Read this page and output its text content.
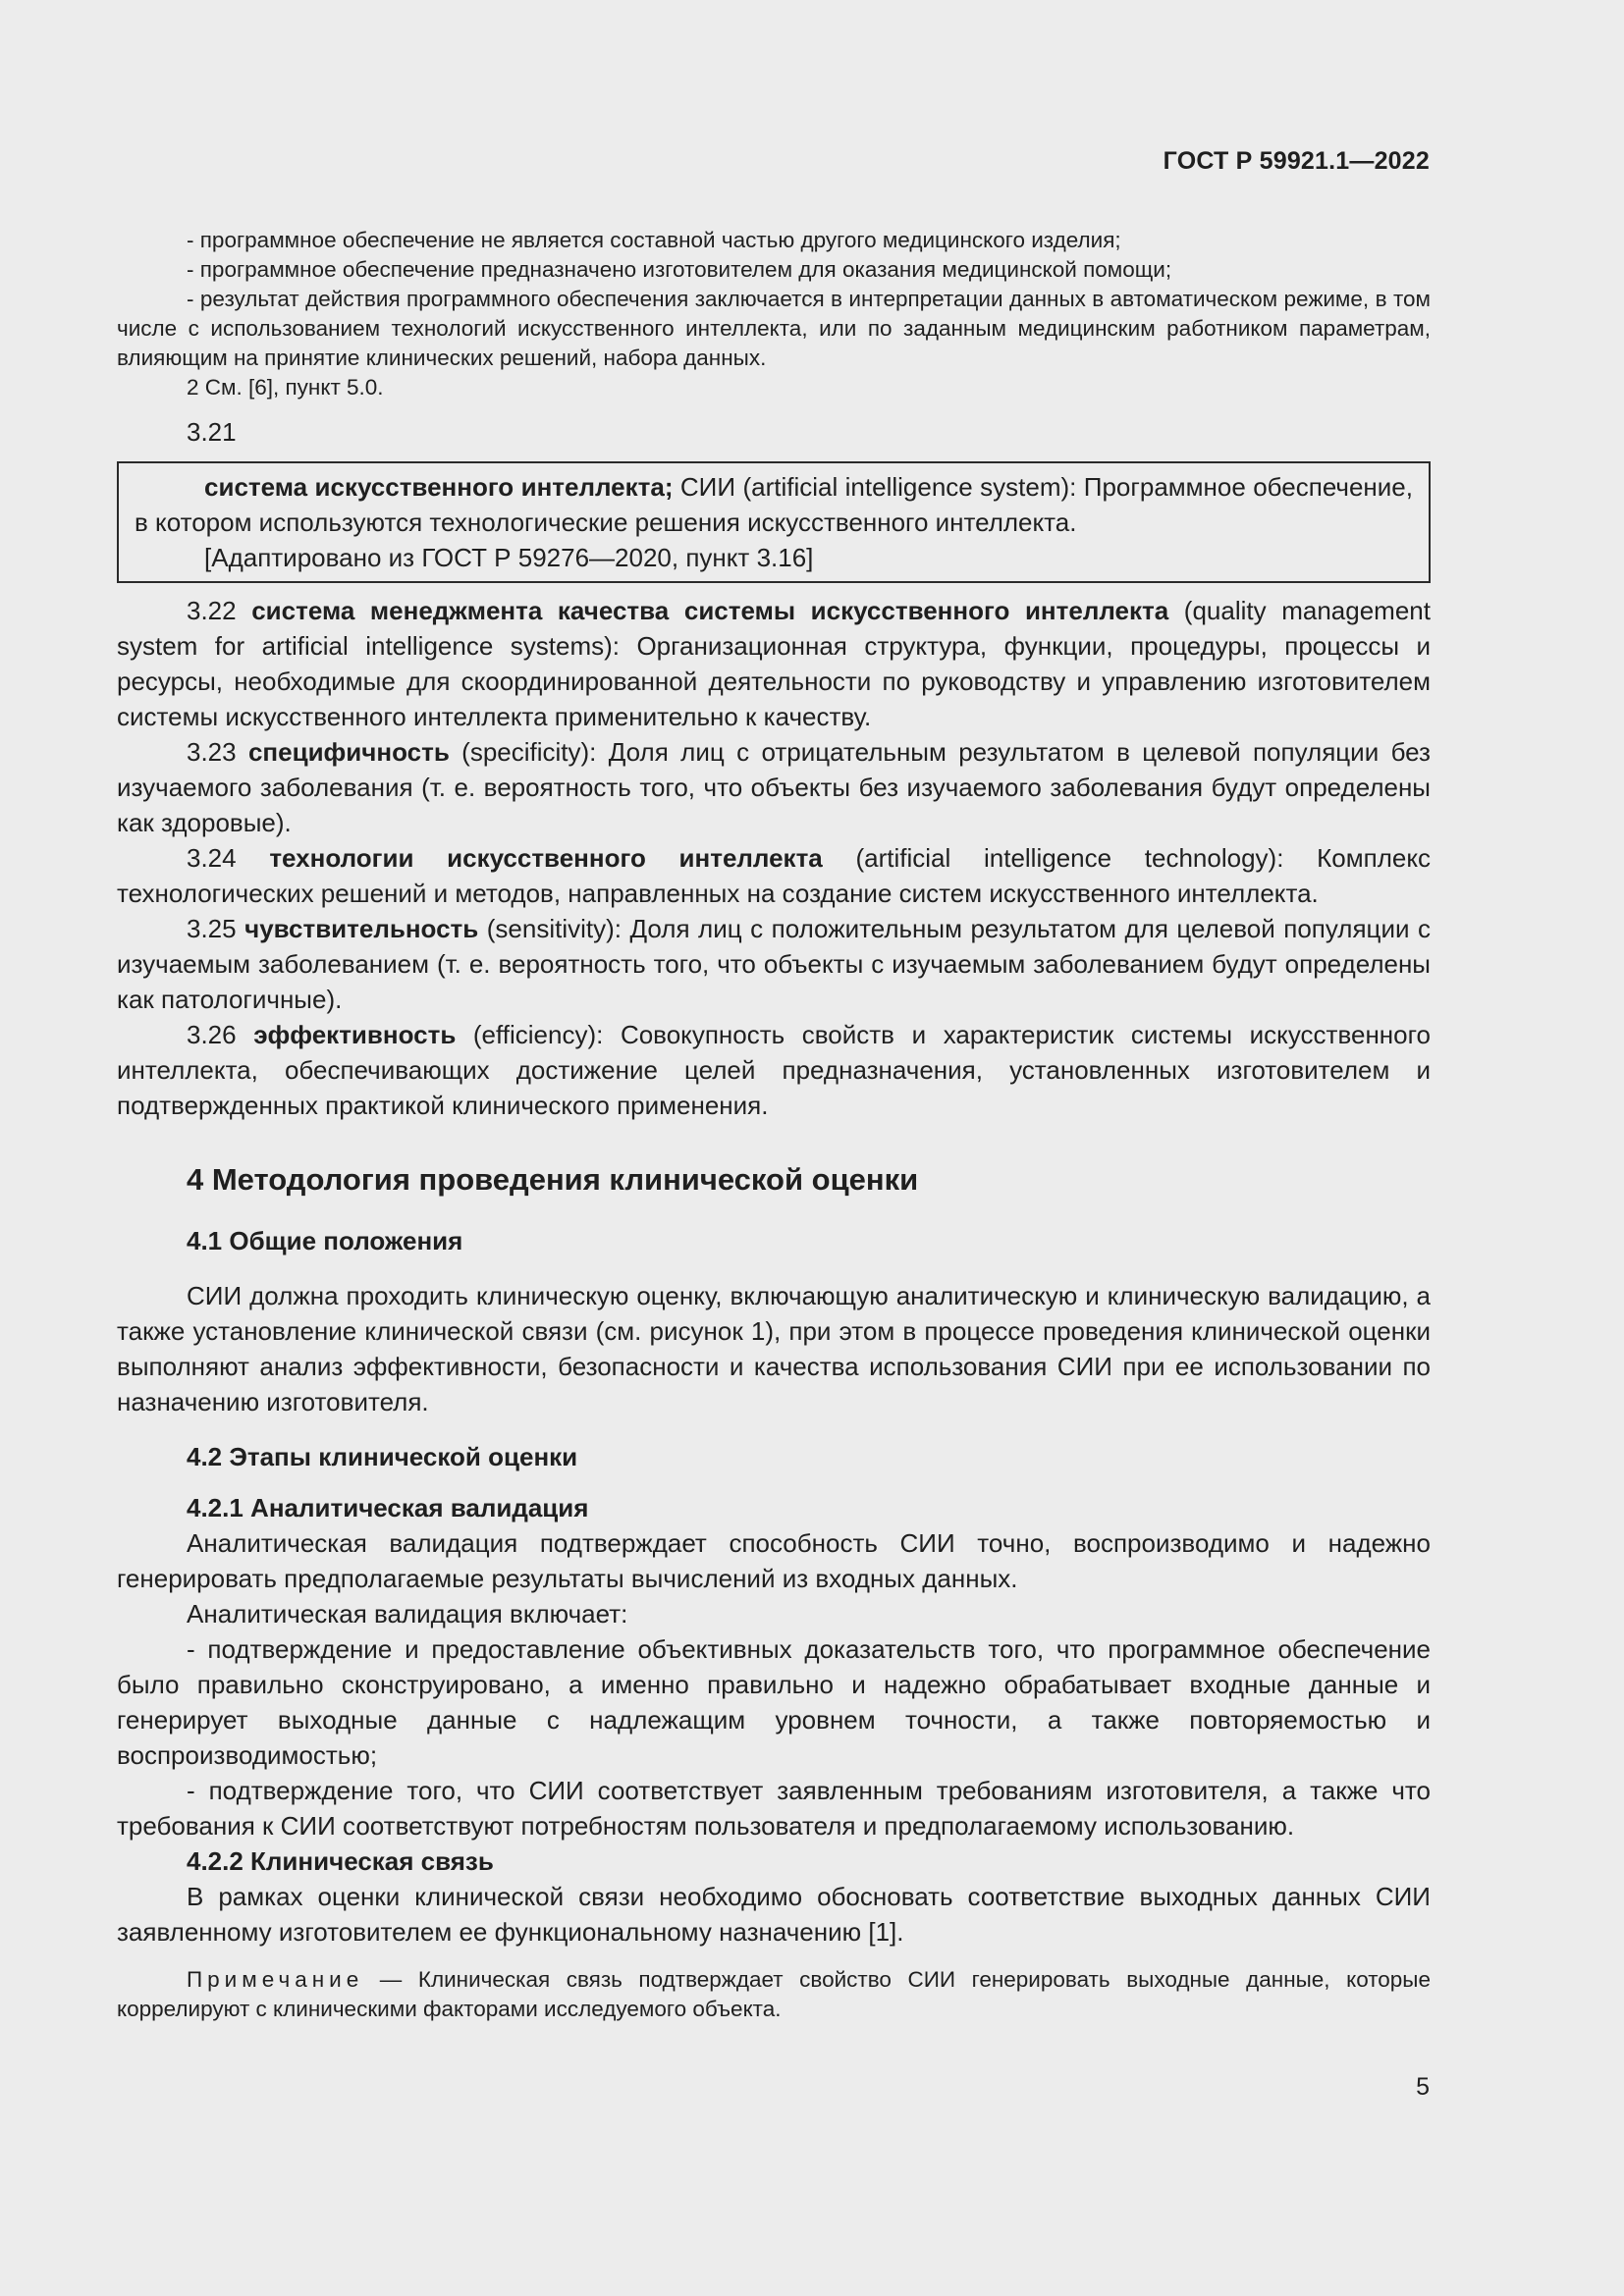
ГОСТ Р 59921.1—2022

- программное обеспечение не является составной частью другого медицинского изделия;

- программное обеспечение предназначено изготовителем для оказания медицинской помощи;

- результат действия программного обеспечения заключается в интерпретации данных в автоматическом режиме, в том числе с использованием технологий искусственного интеллекта, или по заданным медицинским работником параметрам, влияющим на принятие клинических решений, набора данных.

2 См. [6], пункт 5.0.

3.21

система искусственного интеллекта; СИИ (artificial intelligence system): Программное обеспечение, в котором используются технологические решения искусственного интеллекта.

[Адаптировано из ГОСТ Р 59276—2020, пункт 3.16]

3.22 система менеджмента качества системы искусственного интеллекта (quality management system for artificial intelligence systems): Организационная структура, функции, процедуры, процессы и ресурсы, необходимые для скоординированной деятельности по руководству и управлению изготовителем системы искусственного интеллекта применительно к качеству.

3.23 специфичность (specificity): Доля лиц с отрицательным результатом в целевой популяции без изучаемого заболевания (т. е. вероятность того, что объекты без изучаемого заболевания будут определены как здоровые).

3.24 технологии искусственного интеллекта (artificial intelligence technology): Комплекс технологических решений и методов, направленных на создание систем искусственного интеллекта.

3.25 чувствительность (sensitivity): Доля лиц с положительным результатом для целевой популяции с изучаемым заболеванием (т. е. вероятность того, что объекты с изучаемым заболеванием будут определены как патологичные).

3.26 эффективность (efficiency): Совокупность свойств и характеристик системы искусственного интеллекта, обеспечивающих достижение целей предназначения, установленных изготовителем и подтвержденных практикой клинического применения.

4 Методология проведения клинической оценки
4.1 Общие положения

СИИ должна проходить клиническую оценку, включающую аналитическую и клиническую валидацию, а также установление клинической связи (см. рисунок 1), при этом в процессе проведения клинической оценки выполняют анализ эффективности, безопасности и качества использования СИИ при ее использовании по назначению изготовителя.

4.2 Этапы клинической оценки
4.2.1 Аналитическая валидация

Аналитическая валидация подтверждает способность СИИ точно, воспроизводимо и надежно генерировать предполагаемые результаты вычислений из входных данных.

Аналитическая валидация включает:

- подтверждение и предоставление объективных доказательств того, что программное обеспечение было правильно сконструировано, а именно правильно и надежно обрабатывает входные данные и генерирует выходные данные с надлежащим уровнем точности, а также повторяемостью и воспроизводимостью;

- подтверждение того, что СИИ соответствует заявленным требованиям изготовителя, а также что требования к СИИ соответствуют потребностям пользователя и предполагаемому использованию.

4.2.2 Клиническая связь

В рамках оценки клинической связи необходимо обосновать соответствие выходных данных СИИ заявленному изготовителем ее функциональному назначению [1].

Примечание — Клиническая связь подтверждает свойство СИИ генерировать выходные данные, которые коррелируют с клиническими факторами исследуемого объекта.

5
